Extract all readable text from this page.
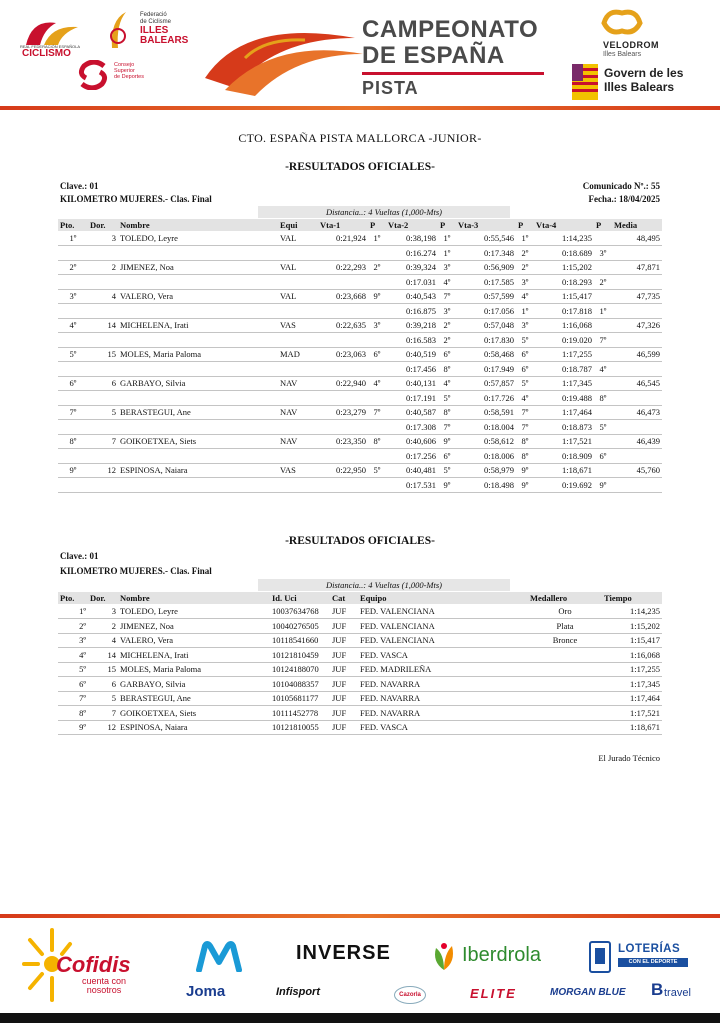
REAL FEDERACIÓN ESPAÑOLA
CICLISMO
Federació
de Ciclisme
ILLES
BALEARS
Consejo
Superior
de Deportes
CAMPEONATO
DE ESPAÑA
PISTA
VELODROM
Illes Balears
Govern de les
Illes Balears
CTO. ESPAÑA PISTA MALLORCA -JUNIOR-
-RESULTADOS OFICIALES-
Clave.: 01
KILOMETRO MUJERES.- Clas. Final
Comunicado Nº.: 55
Fecha.: 18/04/2025
Distancia..: 4 Vueltas (1,000-Mts)
Pto.	Dor.	Nombre	Equi	Vta-1	P	Vta-2	P	Vta-3	P	Vta-4	P	Media
1º	3	TOLEDO, Leyre	VAL	0:21,924	1º	0:38,198	1º	0:55,546	1º	1:14,235		48,495
						0:16.274	1º	0:17.348	2º	0:18.689	3º	
2º	2	JIMENEZ, Noa	VAL	0:22,293	2º	0:39,324	3º	0:56,909	2º	1:15,202		47,871
						0:17.031	4º	0:17.585	3º	0:18.293	2º	
3º	4	VALERO, Vera	VAL	0:23,668	9º	0:40,543	7º	0:57,599	4º	1:15,417		47,735
						0:16.875	3º	0:17.056	1º	0:17.818	1º	
4º	14	MICHELENA, Irati	VAS	0:22,635	3º	0:39,218	2º	0:57,048	3º	1:16,068		47,326
						0:16.583	2º	0:17.830	5º	0:19.020	7º	
5º	15	MOLES, Maria Paloma	MAD	0:23,063	6º	0:40,519	6º	0:58,468	6º	1:17,255		46,599
						0:17.456	8º	0:17.949	6º	0:18.787	4º	
6º	6	GARBAYO, Silvia	NAV	0:22,940	4º	0:40,131	4º	0:57,857	5º	1:17,345		46,545
						0:17.191	5º	0:17.726	4º	0:19.488	8º	
7º	5	BERASTEGUI, Ane	NAV	0:23,279	7º	0:40,587	8º	0:58,591	7º	1:17,464		46,473
						0:17.308	7º	0:18.004	7º	0:18.873	5º	
8º	7	GOIKOETXEA, Siets	NAV	0:23,350	8º	0:40,606	9º	0:58,612	8º	1:17,521		46,439
						0:17.256	6º	0:18.006	8º	0:18.909	6º	
9º	12	ESPINOSA, Naiara	VAS	0:22,950	5º	0:40,481	5º	0:58,979	9º	1:18,671		45,760
						0:17.531	9º	0:18.498	9º	0:19.692	9º	
-RESULTADOS OFICIALES-
Clave.: 01
KILOMETRO MUJERES.- Clas. Final
Distancia..: 4 Vueltas (1,000-Mts)
Pto.	Dor.	Nombre	Id. Uci	Cat	Equipo	Medallero	Tiempo
1º	3	TOLEDO, Leyre	10037634768	JUF	FED. VALENCIANA	Oro	1:14,235
2º	2	JIMENEZ, Noa	10040276505	JUF	FED. VALENCIANA	Plata	1:15,202
3º	4	VALERO, Vera	10118541660	JUF	FED. VALENCIANA	Bronce	1:15,417
4º	14	MICHELENA, Irati	10121810459	JUF	FED. VASCA		1:16,068
5º	15	MOLES, Maria Paloma	10124188070	JUF	FED. MADRILEÑA		1:17,255
6º	6	GARBAYO, Silvia	10104088357	JUF	FED. NAVARRA		1:17,345
7º	5	BERASTEGUI, Ane	10105681177	JUF	FED. NAVARRA		1:17,464
8º	7	GOIKOETXEA, Siets	10111452778	JUF	FED. NAVARRA		1:17,521
9º	12	ESPINOSA, Naiara	10121810055	JUF	FED. VASCA		1:18,671
El Jurado Técnico
Cofidis
cuenta con
nosotros	Joma
INVERSE
Infisport
Iberdrola
Cazorla	ELITE
LOTERÍAS
CON EL DEPORTE
MORGAN BLUE B travel
